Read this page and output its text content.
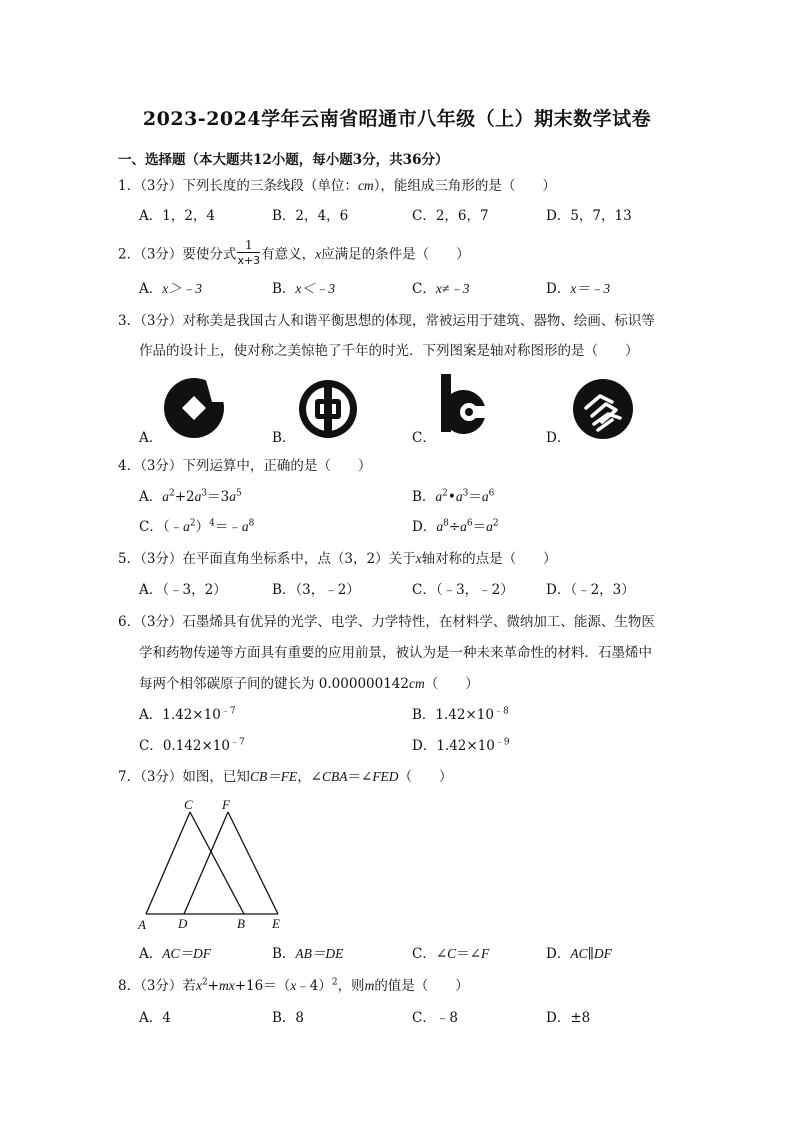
2023-2024学年云南省昭通市八年级（上）期末数学试卷
一、选择题（本大题共12小题，每小题3分，共36分）
1．（3分）下列长度的三条线段（单位：cm），能组成三角形的是（　　）
A．1，2，4	B．2，4，6	C．2，6，7	D．5，7，13
2．（3分）要使分式 $\frac{1}{x+3}$ 有意义，x应满足的条件是（　　）
A．x＞﹣3	B．x＜﹣3	C．x≠﹣3	D．x＝﹣3
3．（3分）对称美是我国古人和谐平衡思想的体现，常被运用于建筑、器物、绘画、标识等
作品的设计上，使对称之美惊艳了千年的时光．下列图案是轴对称图形的是（　　）
A．	B．	C．	D．
4．（3分）下列运算中，正确的是（　　）
A．$a^2+2a^3=3a^5$	B．$a^2•a^3=a^6$
C．$(﹣a^2)^4=﹣a^8$	D．$a^8\div a^6=a^2$
5．（3分）在平面直角坐标系中，点（3，2）关于x轴对称的点是（　　）
A．（﹣3，2）	B．（3，﹣2）	C．（﹣3，﹣2） D．（﹣2，3）
6．（3分）石墨烯具有优异的光学、电学、力学特性，在材料学、微纳加工、能源、生物医
学和药物传递等方面具有重要的应用前景，被认为是一种未来革命性的材料．石墨烯中
每两个相邻碳原子间的键长为 0.000000142cm（　　）
A．$1.42\times 10^{﹣7}$	B．$1.42\times 10^{﹣8}$
C．$0.142\times 10^{﹣7}$	D．$1.42\times 10^{﹣9}$
7．（3分）如图，已知CB＝FE，∠CBA＝∠FED（　　）
C F
A D	B E
A．AC＝DF	B．AB＝DE	C．∠C＝∠F	D．AC∥DF
8．（3分）若$x^2+mx+16=(x﹣4)^2$，则m的值是（　　）
A．4	B．8	C．﹣8	D．±8
